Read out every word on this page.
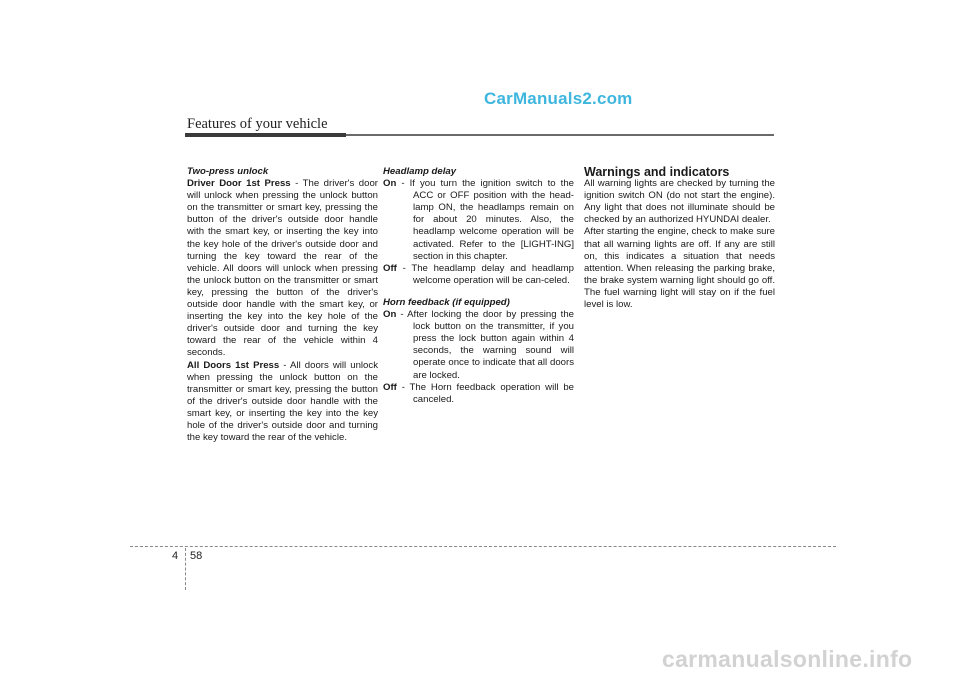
CarManuals2.com
Features of your vehicle

Two-press unlock

Driver Door 1st Press - The driver's door will unlock when pressing the unlock button on the transmitter or smart key, pressing the button of the driver's outside door handle with the smart key, or inserting the key into the key hole of the driver's outside door and turning the key toward the rear of the vehicle. All doors will unlock when pressing the unlock button on the transmitter or smart key, pressing the button of the driver's outside door handle with the smart key, or inserting the key into the key hole of the driver's outside door and turning the key toward the rear of the vehicle within 4 seconds.

All Doors 1st Press - All doors will unlock when pressing the unlock button on the transmitter or smart key, pressing the button of the driver's outside door handle with the smart key, or inserting the key into the key hole of the driver's outside door and turning the key toward the rear of the vehicle.

Headlamp delay

On - If you turn the ignition switch to the ACC or OFF position with the head-lamp ON, the headlamps remain on for about 20 minutes. Also, the headlamp welcome operation will be activated. Refer to the [LIGHT-ING] section in this chapter.

Off - The headlamp delay and headlamp welcome operation will be can-celed.

Horn feedback (if equipped)

On - After locking the door by pressing the lock button on the transmitter, if you press the lock button again within 4 seconds, the warning sound will operate once to indicate that all doors are locked.

Off - The Horn feedback operation will be canceled.

Warnings and indicators

All warning lights are checked by turning the ignition switch ON (do not start the engine). Any light that does not illuminate should be checked by an authorized HYUNDAI dealer.

After starting the engine, check to make sure that all warning lights are off. If any are still on, this indicates a situation that needs attention. When releasing the parking brake, the brake system warning light should go off. The fuel warning light will stay on if the fuel level is low.

4 58
carmanualsonline.info
